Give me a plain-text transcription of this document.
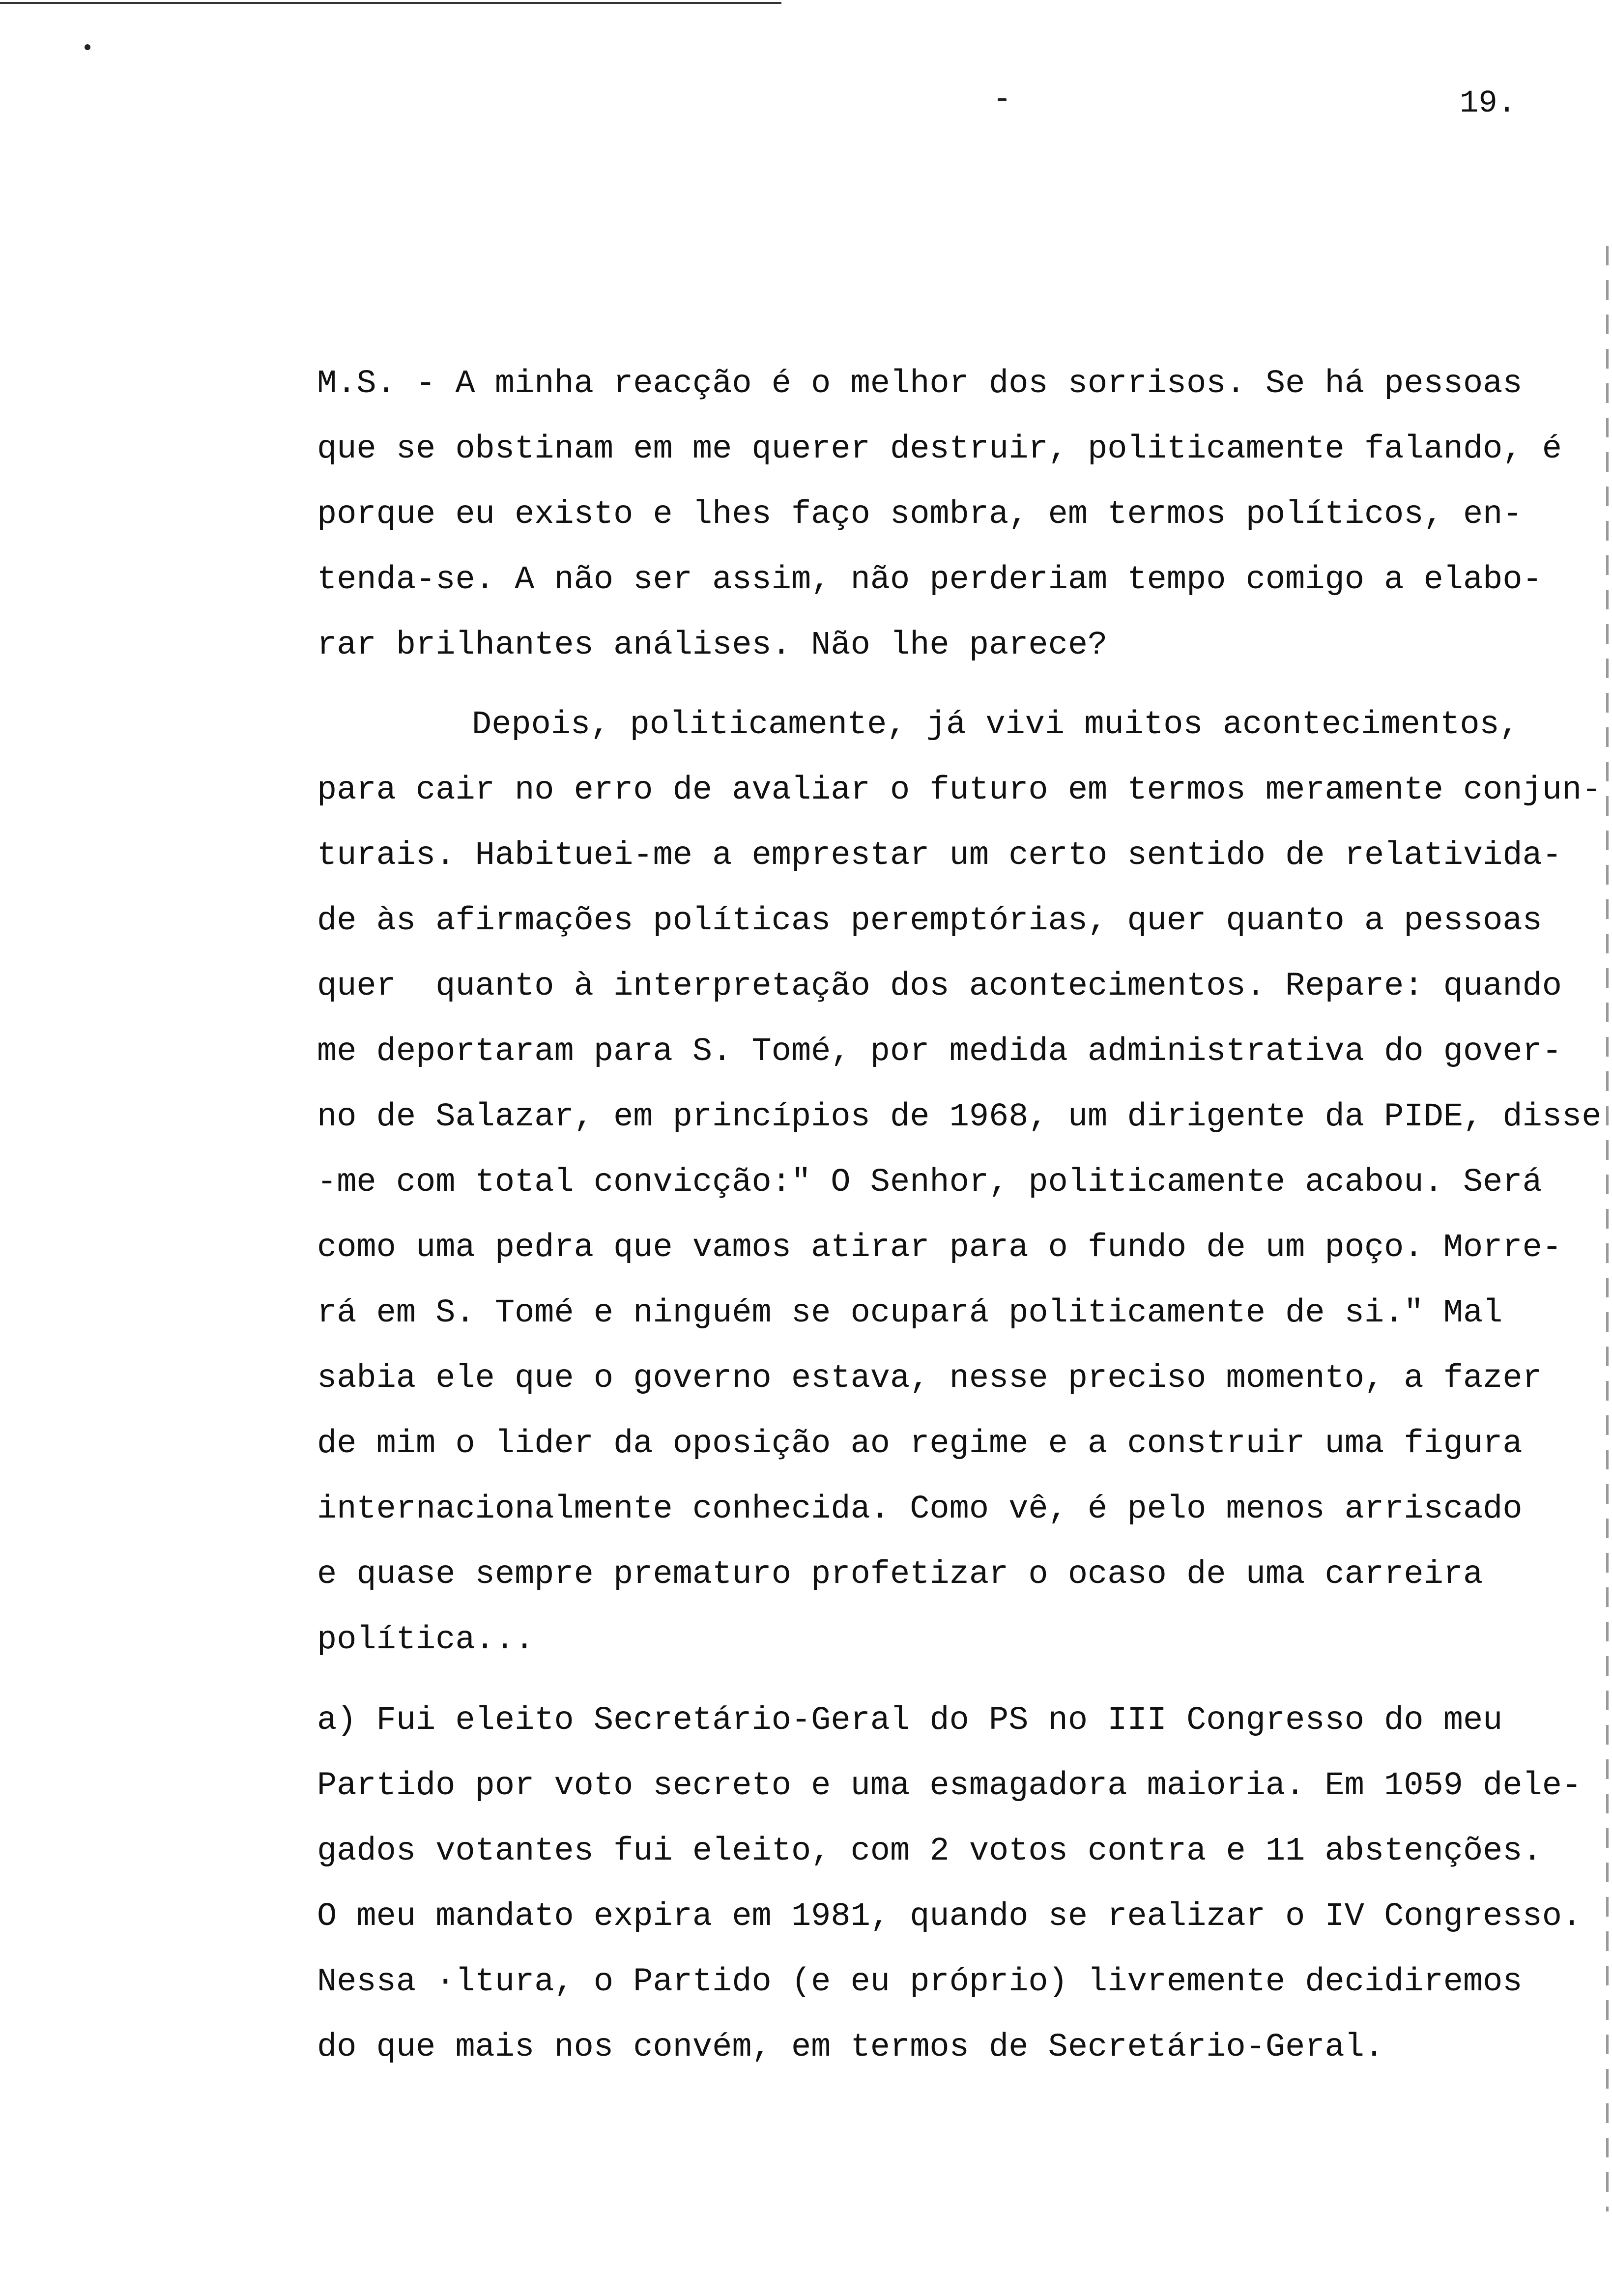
19.
M.S. - A minha reacção é o melhor dos sorrisos. Se há pessoas
que se obstinam em me querer destruir, politicamente falando, é
porque eu existo e lhes faço sombra, em termos políticos, en-
tenda-se. A não ser assim, não perderiam tempo comigo a elabo-
rar brilhantes análises. Não lhe parece?
Depois, politicamente, já vivi muitos acontecimentos,
para cair no erro de avaliar o futuro em termos meramente conjun-
turais. Habituei-me a emprestar um certo sentido de relativida-
de às afirmações políticas peremptórias, quer quanto a pessoas
quer  quanto à interpretação dos acontecimentos. Repare: quando
me deportaram para S. Tomé, por medida administrativa do gover-
no de Salazar, em princípios de 1968, um dirigente da PIDE, disse
-me com total convicção:" O Senhor, politicamente acabou. Será
como uma pedra que vamos atirar para o fundo de um poço. Morre-
rá em S. Tomé e ninguém se ocupará politicamente de si." Mal
sabia ele que o governo estava, nesse preciso momento, a fazer
de mim o lider da oposição ao regime e a construir uma figura
internacionalmente conhecida. Como vê, é pelo menos arriscado
e quase sempre prematuro profetizar o ocaso de uma carreira
política...
a) Fui eleito Secretário-Geral do PS no III Congresso do meu
Partido por voto secreto e uma esmagadora maioria. Em 1059 dele-
gados votantes fui eleito, com 2 votos contra e 11 abstenções.
O meu mandato expira em 1981, quando se realizar o IV Congresso.
Nessa ·ltura, o Partido (e eu próprio) livremente decidiremos
do que mais nos convém, em termos de Secretário-Geral.
